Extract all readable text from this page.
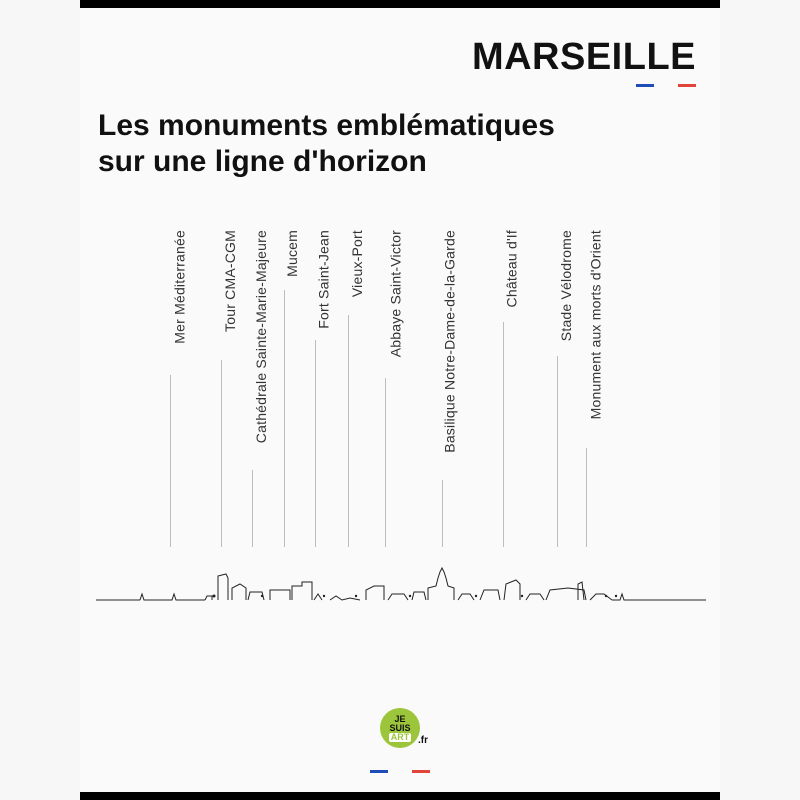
MARSEILLE
Les monuments emblématiques
sur une ligne d'horizon
Mer Méditerranée Tour CMA-CGM Cathédrale Sainte-Marie-Majeure Mucem Fort Saint-Jean Vieux-Port Abbaye Saint-Victor	Basilique Notre-Dame-de-la-Garde	Château d'If	Stade Vélodrome Monument aux morts d'Orient
JE
SUIS
ART .fr
